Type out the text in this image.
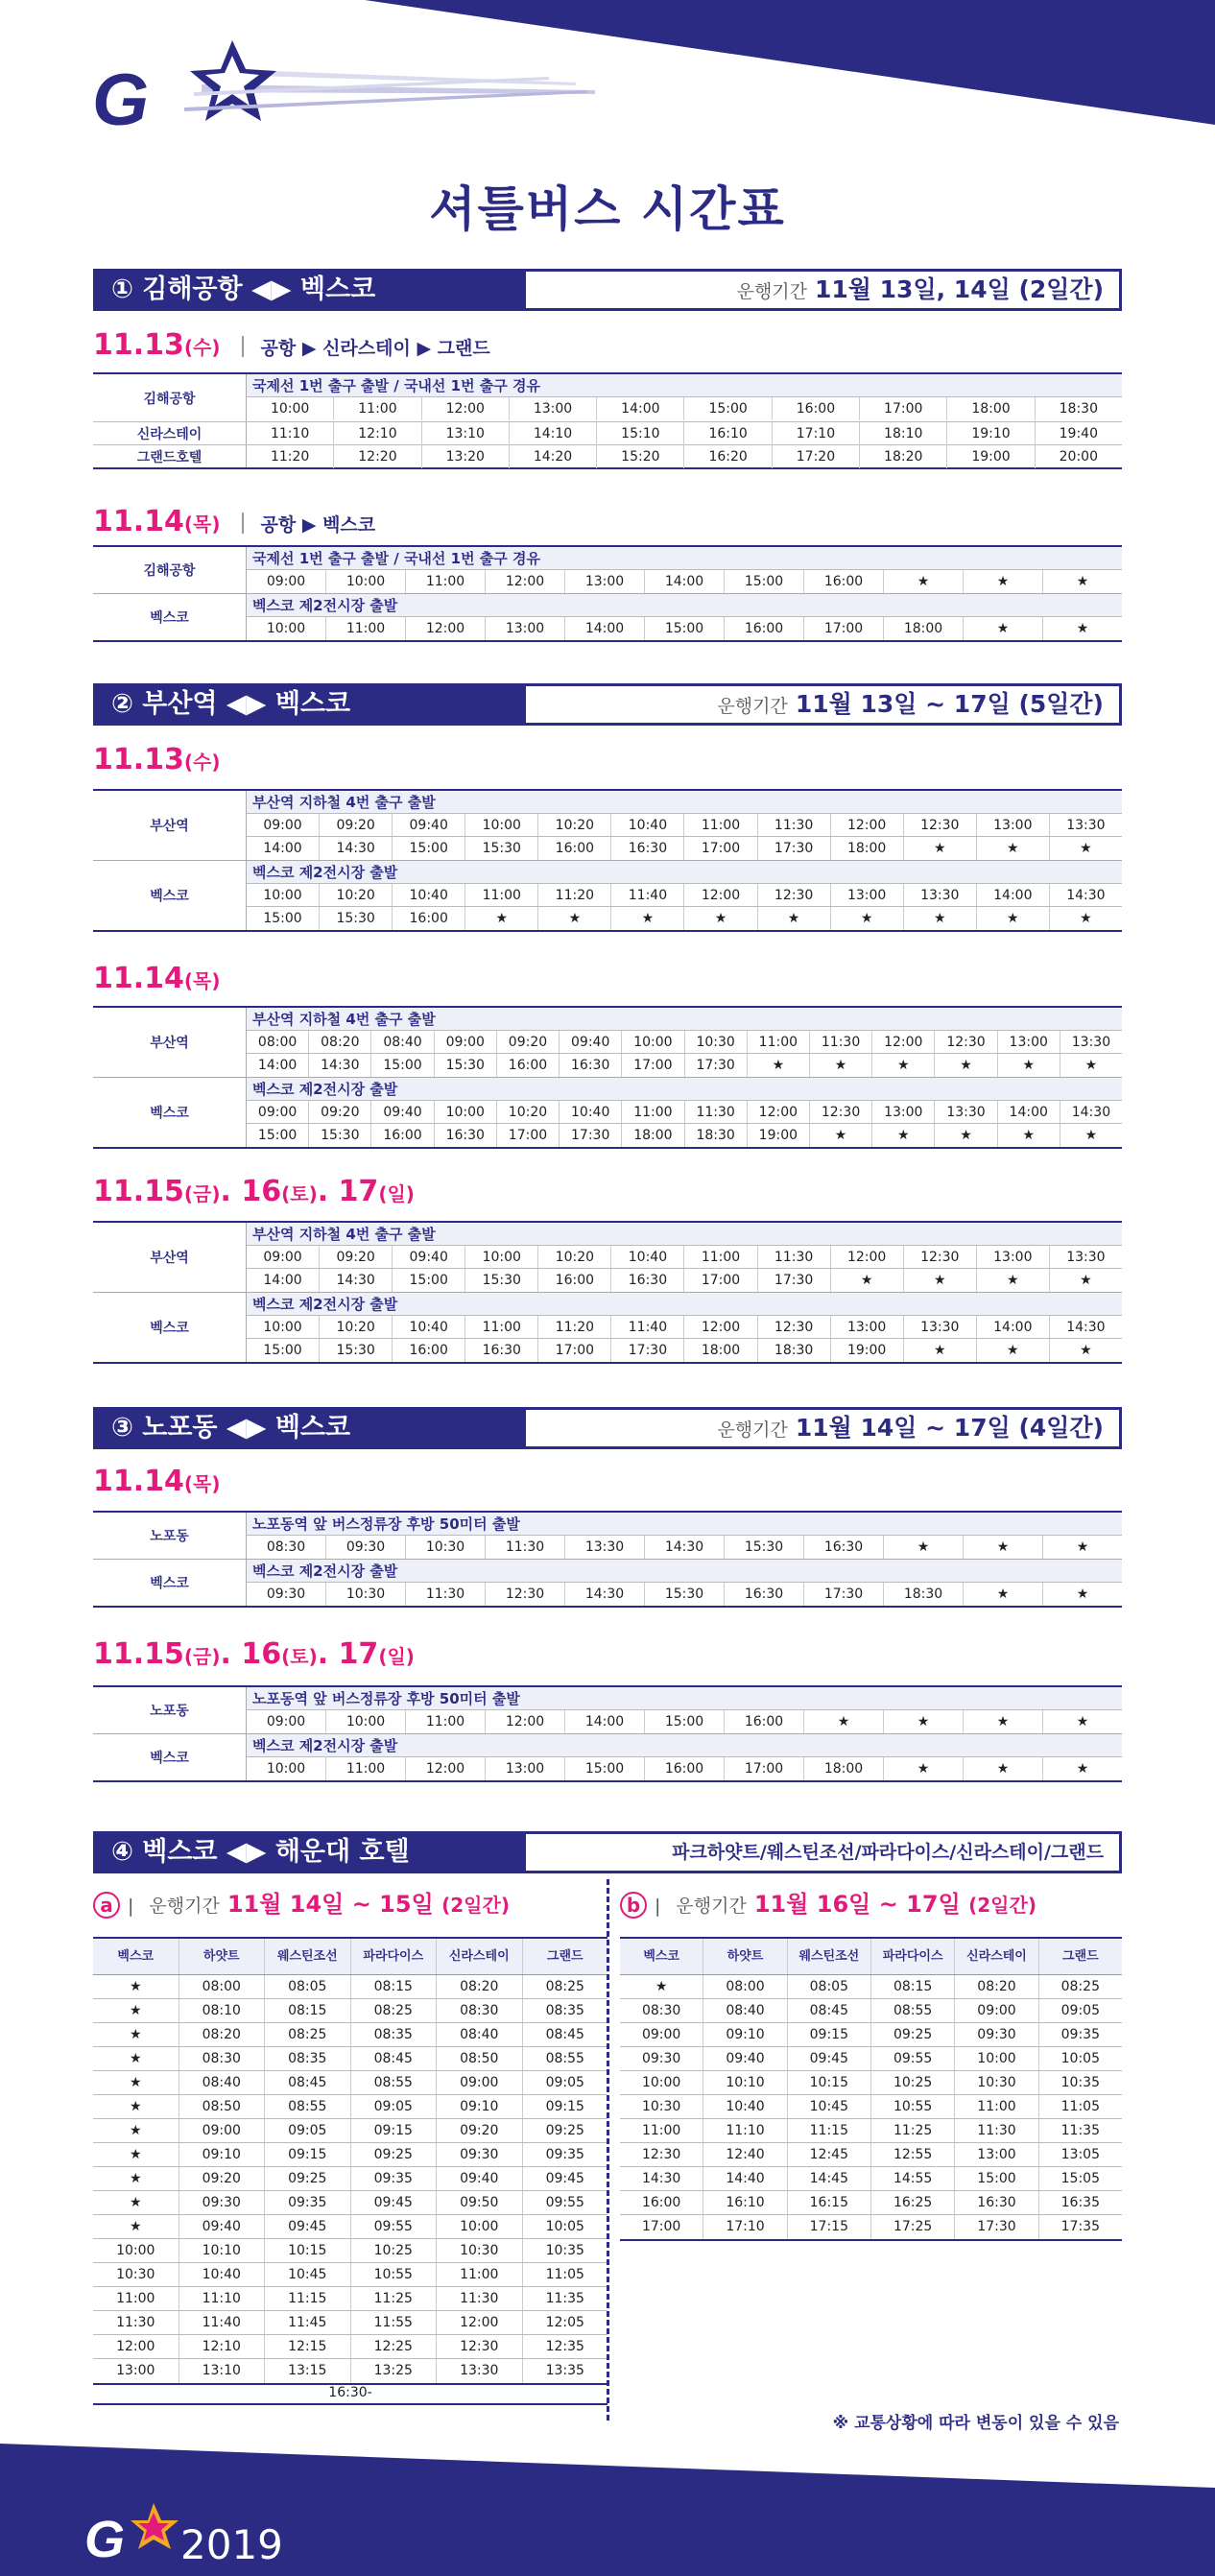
G
셔틀버스 시간표
① 김해공항 ◀▶ 벡스코	운행기간 11월 13일, 14일 (2일간)
11.13(수) 공항 ▶ 신라스테이 ▶ 그랜드
김해공항
국제선 1번 출구 출발 / 국내선 1번 출구 경유
10:00	11:00	12:00	13:00	14:00	15:00	16:00	17:00	18:00	18:30
신라스테이	11:10	12:10	13:10	14:10	15:10	16:10	17:10	18:10	19:10	19:40
그랜드호텔	11:20	12:20	13:20	14:20	15:20	16:20	17:20	18:20	19:00	20:00
11.14(목) 공항 ▶ 벡스코
김해공항
국제선 1번 출구 출발 / 국내선 1번 출구 경유
09:00	10:00	11:00	12:00	13:00	14:00	15:00	16:00	★	★	★
벡스코
벡스코 제2전시장 출발
10:00	11:00	12:00	13:00	14:00	15:00	16:00	17:00	18:00	★	★
② 부산역 ◀▶ 벡스코	운행기간 11월 13일 ~ 17일 (5일간)
11.13(수)
부산역
부산역 지하철 4번 출구 출발
09:00	09:20	09:40	10:00	10:20	10:40	11:00	11:30	12:00	12:30	13:00	13:30
14:00	14:30	15:00	15:30	16:00	16:30	17:00	17:30	18:00	★	★	★
벡스코
벡스코 제2전시장 출발
10:00	10:20	10:40	11:00	11:20	11:40	12:00	12:30	13:00	13:30	14:00	14:30
15:00	15:30	16:00	★	★	★	★	★	★	★	★	★
11.14(목)
부산역
부산역 지하철 4번 출구 출발
08:00	08:20	08:40	09:00	09:20	09:40	10:00	10:30	11:00	11:30	12:00	12:30	13:00	13:30
14:00	14:30	15:00	15:30	16:00	16:30	17:00	17:30	★	★	★	★	★	★
벡스코
벡스코 제2전시장 출발
09:00	09:20	09:40	10:00	10:20	10:40	11:00	11:30	12:00	12:30	13:00	13:30	14:00	14:30
15:00	15:30	16:00	16:30	17:00	17:30	18:00	18:30	19:00	★	★	★	★	★
11.15(금). 16(토). 17(일)
부산역
부산역 지하철 4번 출구 출발
09:00	09:20	09:40	10:00	10:20	10:40	11:00	11:30	12:00	12:30	13:00	13:30
14:00	14:30	15:00	15:30	16:00	16:30	17:00	17:30	★	★	★	★
벡스코
벡스코 제2전시장 출발
10:00	10:20	10:40	11:00	11:20	11:40	12:00	12:30	13:00	13:30	14:00	14:30
15:00	15:30	16:00	16:30	17:00	17:30	18:00	18:30	19:00	★	★	★
③ 노포동 ◀▶ 벡스코	운행기간 11월 14일 ~ 17일 (4일간)
11.14(목)
노포동
노포동역 앞 버스정류장 후방 50미터 출발
08:30	09:30	10:30	11:30	13:30	14:30	15:30	16:30	★	★	★
벡스코
벡스코 제2전시장 출발
09:30	10:30	11:30	12:30	14:30	15:30	16:30	17:30	18:30	★	★
11.15(금). 16(토). 17(일)
노포동
노포동역 앞 버스정류장 후방 50미터 출발
09:00	10:00	11:00	12:00	14:00	15:00	16:00	★	★	★	★
벡스코
벡스코 제2전시장 출발
10:00	11:00	12:00	13:00	15:00	16:00	17:00	18:00	★	★	★
④ 벡스코 ◀▶ 해운대 호텔	파크하얏트/웨스틴조선/파라다이스/신라스테이/그랜드
a | 운행기간 11월 14일 ~ 15일 (2일간)
벡스코	하얏트	웨스틴조선	파라다이스	신라스테이	그랜드
★	08:00	08:05	08:15	08:20	08:25
★	08:10	08:15	08:25	08:30	08:35
★	08:20	08:25	08:35	08:40	08:45
★	08:30	08:35	08:45	08:50	08:55
★	08:40	08:45	08:55	09:00	09:05
★	08:50	08:55	09:05	09:10	09:15
★	09:00	09:05	09:15	09:20	09:25
★	09:10	09:15	09:25	09:30	09:35
★	09:20	09:25	09:35	09:40	09:45
★	09:30	09:35	09:45	09:50	09:55
★	09:40	09:45	09:55	10:00	10:05
10:00	10:10	10:15	10:25	10:30	10:35
10:30	10:40	10:45	10:55	11:00	11:05
11:00	11:10	11:15	11:25	11:30	11:35
11:30	11:40	11:45	11:55	12:00	12:05
12:00	12:10	12:15	12:25	12:30	12:35
13:00	13:10	13:15	13:25	13:30	13:35
16:30-
b | 운행기간 11월 16일 ~ 17일 (2일간)
벡스코	하얏트	웨스틴조선	파라다이스	신라스테이	그랜드
★	08:00	08:05	08:15	08:20	08:25
08:30	08:40	08:45	08:55	09:00	09:05
09:00	09:10	09:15	09:25	09:30	09:35
09:30	09:40	09:45	09:55	10:00	10:05
10:00	10:10	10:15	10:25	10:30	10:35
10:30	10:40	10:45	10:55	11:00	11:05
11:00	11:10	11:15	11:25	11:30	11:35
12:30	12:40	12:45	12:55	13:00	13:05
14:30	14:40	14:45	14:55	15:00	15:05
16:00	16:10	16:15	16:25	16:30	16:35
17:00	17:10	17:15	17:25	17:30	17:35
※ 교통상황에 따라 변동이 있을 수 있음
G 2019
